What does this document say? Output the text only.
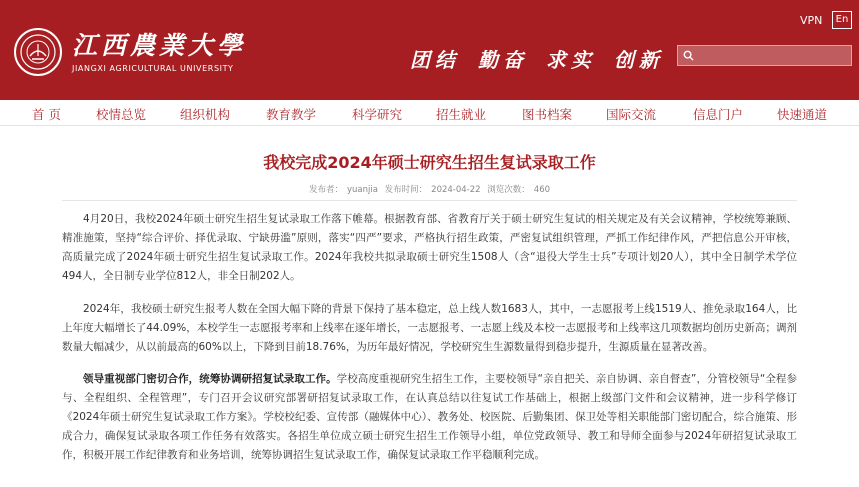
江西農業大學
JIANGXI AGRICULTURAL UNIVERSITY	团结 勤奋 求实 创新
VPN	En
首 页	校情总览	组织机构	教育教学	科学研究	招生就业	图书档案	国际交流	信息门户	快速通道
我校完成2024年硕士研究生招生复试录取工作
发布者： yuanjia 发布时间： 2024-04-22 浏览次数： 460

4月20日，我校2024年硕士研究生招生复试录取工作落下帷幕。根据教育部、省教育厅关于硕士研究生复试的相关规定及有关会议精神，学校统筹兼顾、精准施策，坚持“综合评价、择优录取、宁缺毋滥”原则，落实“四严”要求，严格执行招生政策，严密复试组织管理，严抓工作纪律作风，严把信息公开审核，高质量完成了2024年硕士研究生招生复试录取工作。2024年我校共拟录取硕士研究生1508人（含“退役大学生士兵”专项计划20人），其中全日制学术学位494人，全日制专业学位812人，非全日制202人。

2024年，我校硕士研究生报考人数在全国大幅下降的背景下保持了基本稳定，总上线人数1683人，其中，一志愿报考上线1519人、推免录取164人，比上年度大幅增长了44.09%，本校学生一志愿报考率和上线率在逐年增长，一志愿报考、一志愿上线及本校一志愿报考和上线率这几项数据均创历史新高；调剂数量大幅减少，从以前最高的60%以上，下降到目前18.76%，为历年最好情况，学校研究生生源数量得到稳步提升，生源质量在显著改善。

领导重视部门密切合作，统筹协调研招复试录取工作。学校高度重视研究生招生工作，主要校领导“亲自把关、亲自协调、亲自督查”，分管校领导“全程参与、全程组织、全程管理”，专门召开会议研究部署研招复试录取工作，在认真总结以往复试工作基础上，根据上级部门文件和会议精神，进一步科学修订《2024年硕士研究生复试录取工作方案》。学校校纪委、宣传部（融媒体中心）、教务处、校医院、后勤集团、保卫处等相关职能部门密切配合，综合施策、形成合力，确保复试录取各项工作任务有效落实。各招生单位成立硕士研究生招生工作领导小组，单位党政领导、教工和导师全面参与2024年研招复试录取工作，积极开展工作纪律教育和业务培训，统筹协调招生复试录取工作，确保复试录取工作平稳顺利完成。
